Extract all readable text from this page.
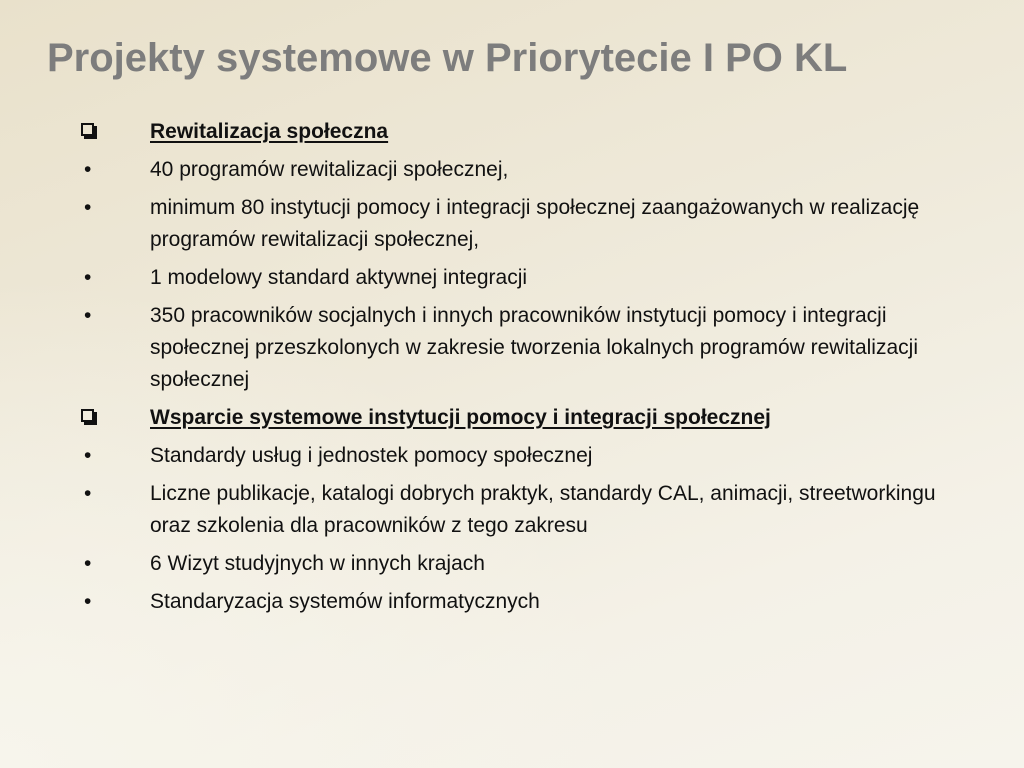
Projekty systemowe w Priorytecie I PO KL
Rewitalizacja społeczna
•	40 programów rewitalizacji społecznej,
•	minimum 80 instytucji pomocy i integracji społecznej zaangażowanych w realizację programów rewitalizacji społecznej,
•	1 modelowy standard aktywnej integracji
•	350 pracowników socjalnych i innych pracowników instytucji pomocy i integracji społecznej przeszkolonych w zakresie tworzenia lokalnych programów rewitalizacji społecznej
Wsparcie systemowe instytucji pomocy i integracji społecznej
•	Standardy usług i jednostek pomocy społecznej
•	Liczne publikacje, katalogi dobrych praktyk, standardy CAL, animacji, streetworkingu oraz szkolenia dla pracowników z tego zakresu
•	6 Wizyt studyjnych w innych krajach
•	Standaryzacja systemów informatycznych
